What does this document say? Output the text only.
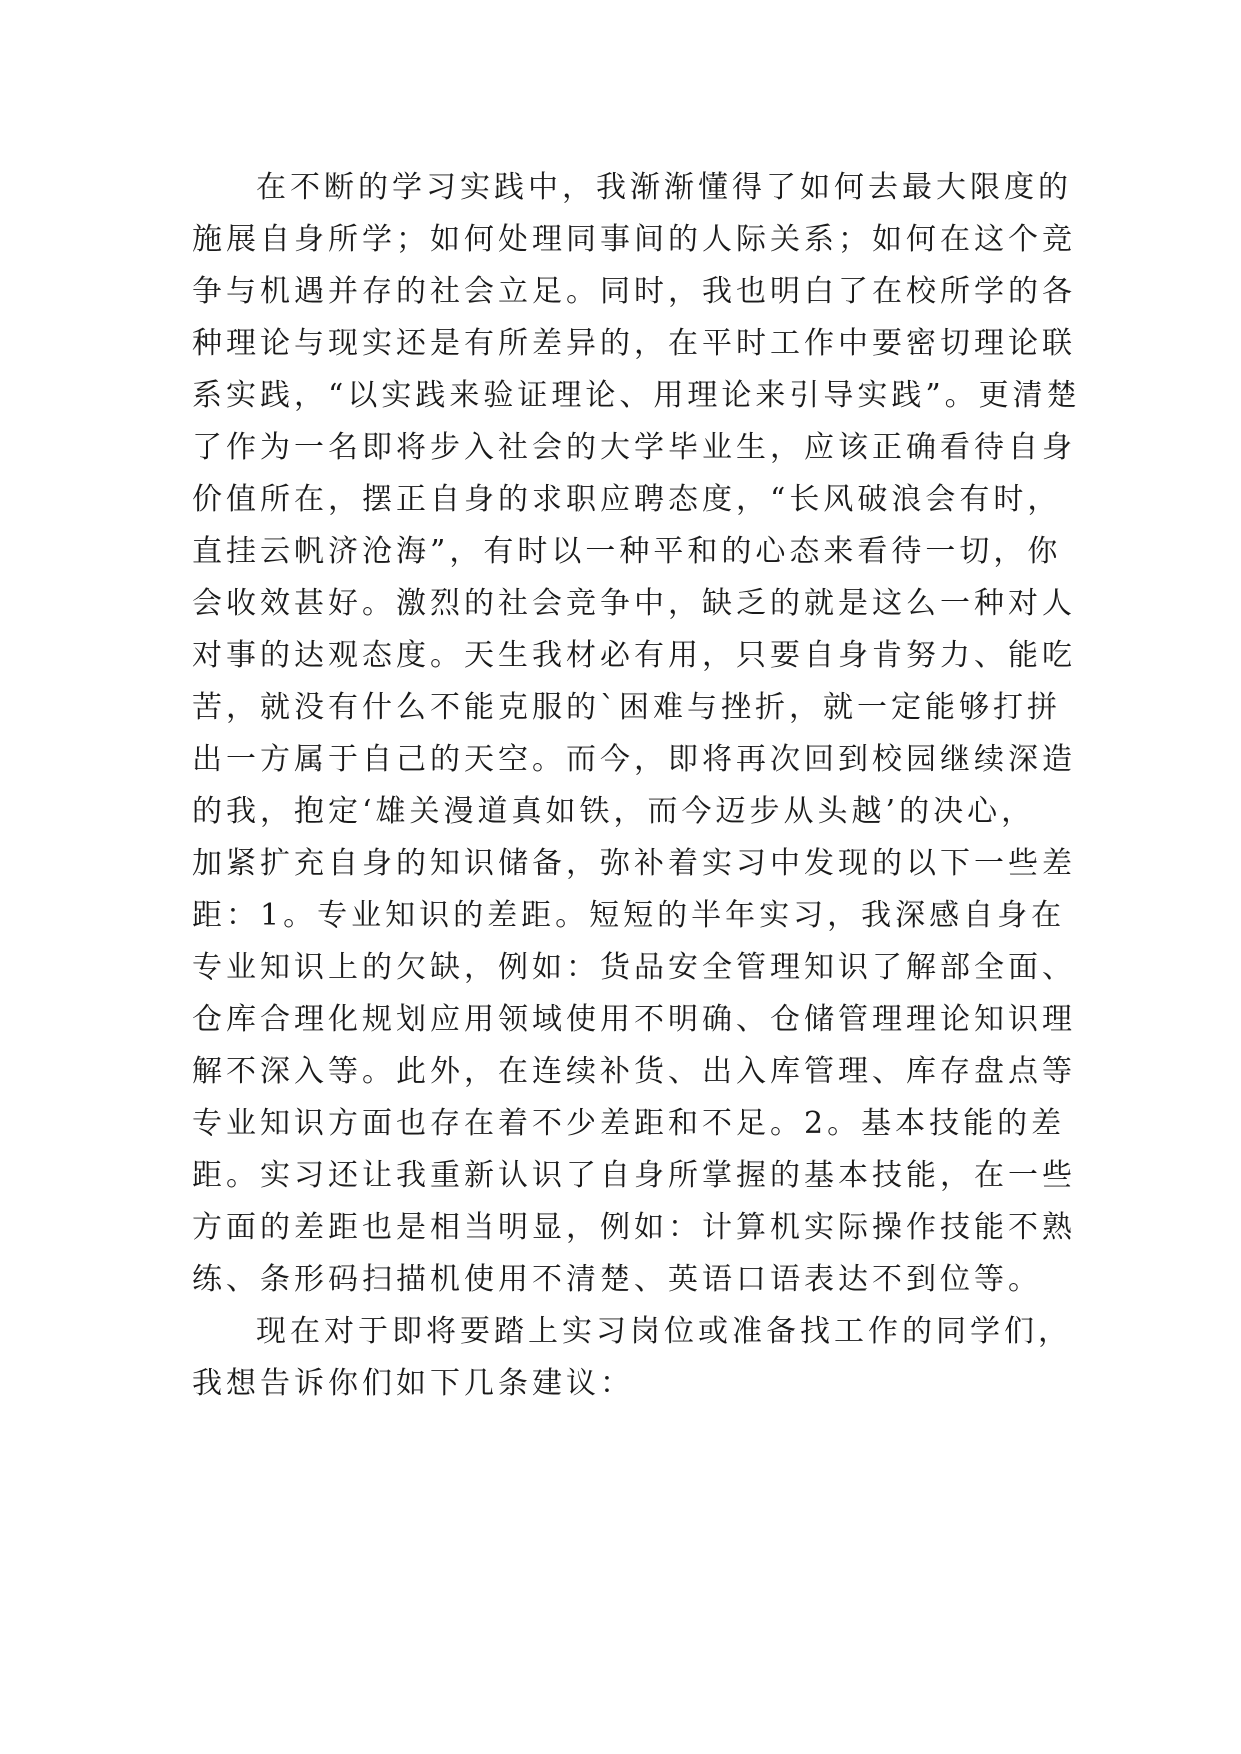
在不断的学习实践中，我渐渐懂得了如何去最大限度的
施展自身所学；如何处理同事间的人际关系；如何在这个竞
争与机遇并存的社会立足。同时，我也明白了在校所学的各
种理论与现实还是有所差异的，在平时工作中要密切理论联
系实践，“以实践来验证理论、用理论来引导实践”。更清楚
了作为一名即将步入社会的大学毕业生，应该正确看待自身
价值所在，摆正自身的求职应聘态度，“长风破浪会有时，
直挂云帆济沧海”，有时以一种平和的心态来看待一切，你
会收效甚好。激烈的社会竞争中，缺乏的就是这么一种对人
对事的达观态度。天生我材必有用，只要自身肯努力、能吃
苦，就没有什么不能克服的`困难与挫折，就一定能够打拼
出一方属于自己的天空。而今，即将再次回到校园继续深造
的我，抱定‘雄关漫道真如铁，而今迈步从头越’的决心，
加紧扩充自身的知识储备，弥补着实习中发现的以下一些差
距：1。专业知识的差距。短短的半年实习，我深感自身在
专业知识上的欠缺，例如：货品安全管理知识了解部全面、
仓库合理化规划应用领域使用不明确、仓储管理理论知识理
解不深入等。此外，在连续补货、出入库管理、库存盘点等
专业知识方面也存在着不少差距和不足。2。基本技能的差
距。实习还让我重新认识了自身所掌握的基本技能，在一些
方面的差距也是相当明显，例如：计算机实际操作技能不熟
练、条形码扫描机使用不清楚、英语口语表达不到位等。

现在对于即将要踏上实习岗位或准备找工作的同学们，
我想告诉你们如下几条建议：
